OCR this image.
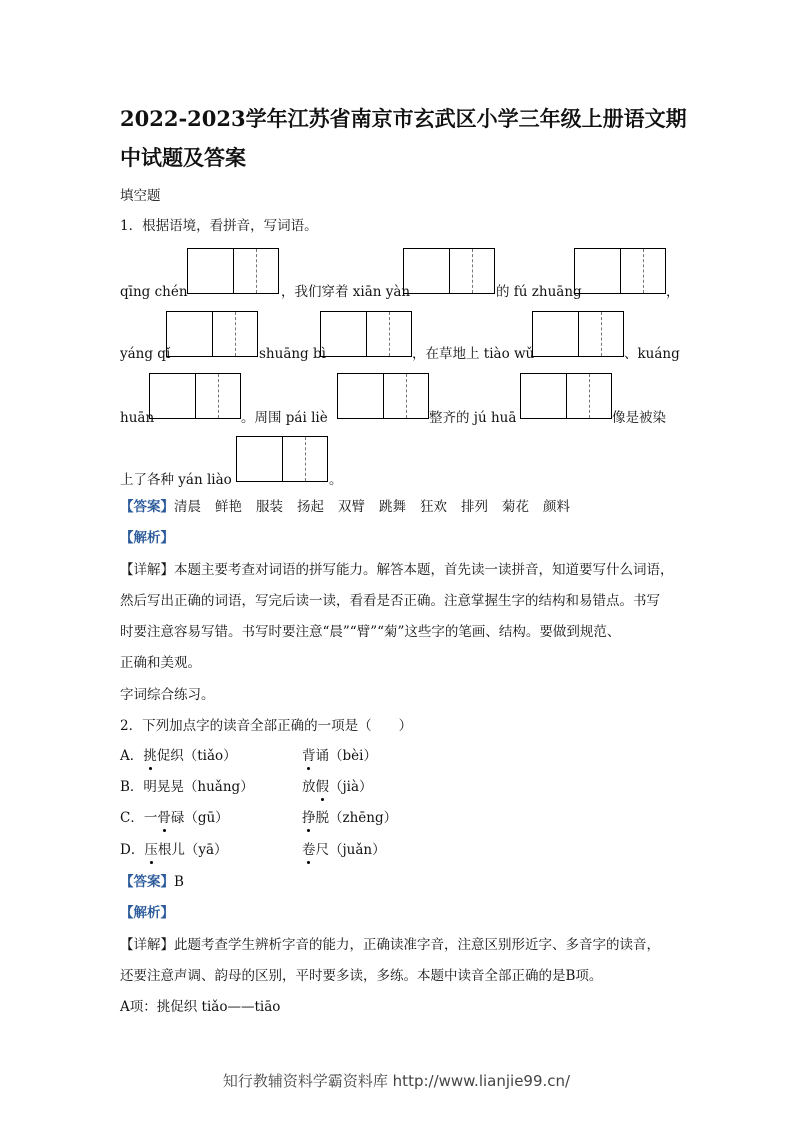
2022-2023学年江苏省南京市玄武区小学三年级上册语文期
中试题及答案
填空题
1．根据语境，看拼音，写词语。
qīng chén	，我们穿着 xiān yàn	的 fú zhuāng	，
yáng qǐ	shuāng bì	，在草地上 tiào wǔ	、kuáng
huān	。周围 pái liè	整齐的 jú huā	像是被染
上了各种 yán liào	。
【答案】清晨 鲜艳 服装 扬起 双臂 跳舞 狂欢 排列 菊花 颜料
【解析】
【详解】本题主要考查对词语的拼写能力。解答本题，首先读一读拼音，知道要写什么词语，
然后写出正确的词语，写完后读一读，看看是否正确。注意掌握生字的结构和易错点。书写
时要注意容易写错。书写时要注意“晨”“臂”“菊”这些字的笔画、结构。要做到规范、
正确和美观。
字词综合练习。
2．下列加点字的读音全部正确的一项是（　　）
A．挑促织（tiǎo）	背诵（bèi）
B．明晃晃（huǎng）	放假（jià）
C．一骨碌（gū）	挣脱（zhēng）
D．压根儿（yā）	卷尺（juǎn）
【答案】B
【解析】
【详解】此题考查学生辨析字音的能力，正确读准字音，注意区别形近字、多音字的读音，
还要注意声调、韵母的区别，平时要多读，多练。本题中读音全部正确的是B项。
A项：挑促织 tiǎo——tiāo
知行教辅资料学霸资料库 http://www.lianjie99.cn/
